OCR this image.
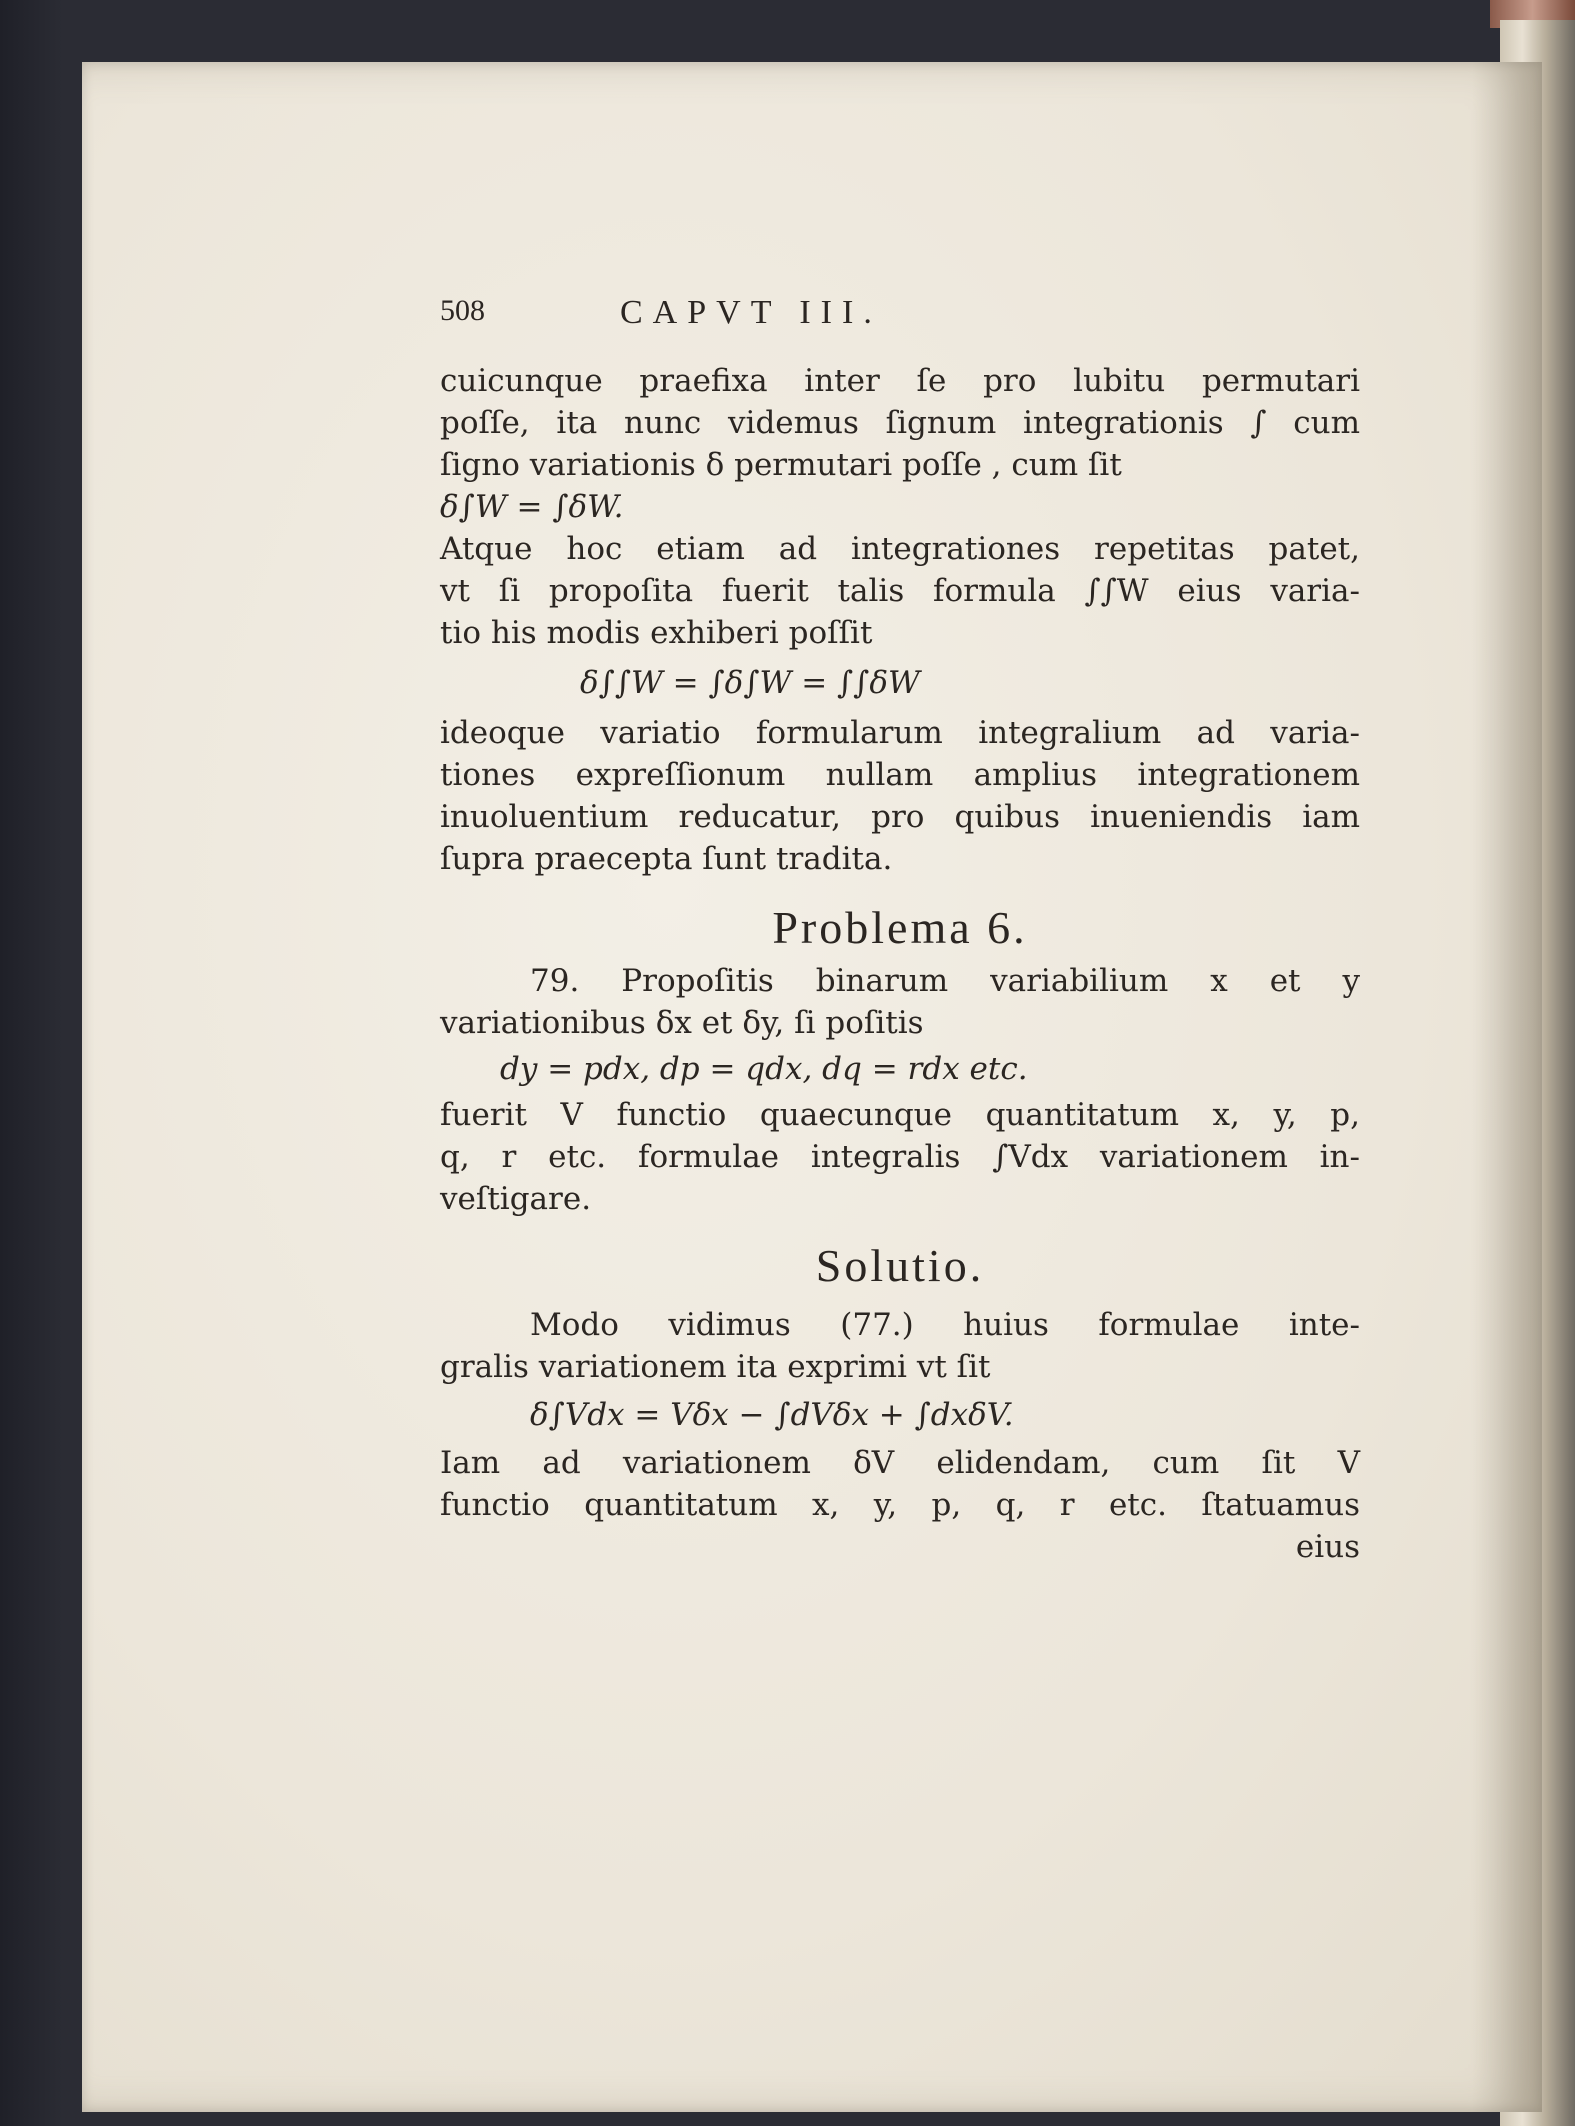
508	CAPVT III.
cuicunque praefixa inter ſe pro lubitu permutari
poſſe, ita nunc videmus ſignum integrationis ∫ cum
ſigno variationis δ permutari poſſe , cum ſit
δ∫W = ∫δW.
Atque hoc etiam ad integrationes repetitas patet,
vt ſi propoſita fuerit talis formula ∫∫W eius varia-
tio his modis exhiberi poſſit
δ∫∫W = ∫δ∫W = ∫∫δW
ideoque variatio formularum integralium ad varia-
tiones expreſſionum nullam amplius integrationem
inuoluentium reducatur, pro quibus inueniendis iam
ſupra praecepta ſunt tradita.
Problema 6.
79. Propoſitis binarum variabilium x et y
variationibus δx et δy, ſi poſitis
dy = pdx, dp = qdx, dq = rdx etc.
fuerit V functio quaecunque quantitatum x, y, p,
q, r etc. formulae integralis ∫Vdx variationem in-
veſtigare.
Solutio.
Modo vidimus (77.) huius formulae inte-
gralis variationem ita exprimi vt ſit
δ∫Vdx = Vδx − ∫dVδx + ∫dxδV.
Iam ad variationem δV elidendam, cum ſit V
functio quantitatum x, y, p, q, r etc. ſtatuamus
eius
